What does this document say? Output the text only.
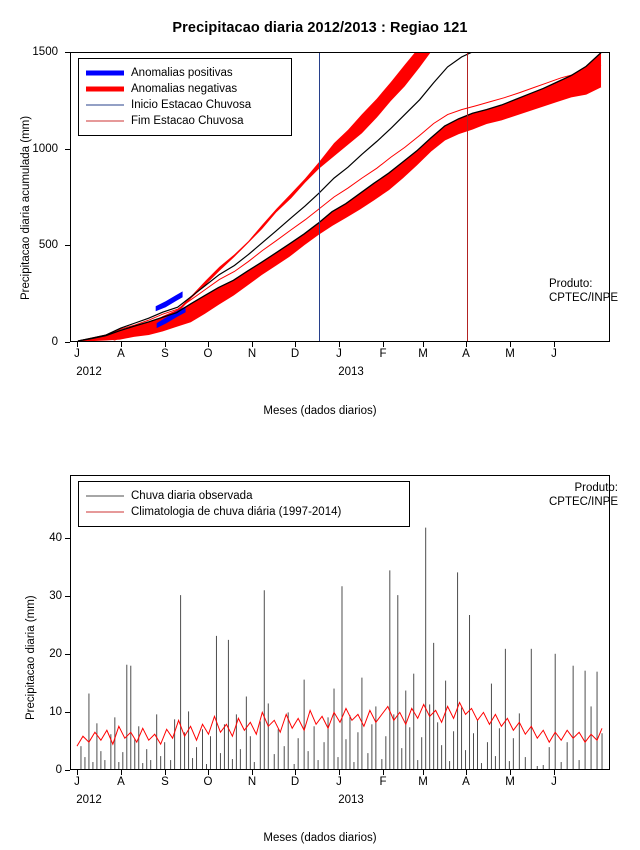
Precipitacao diaria 2012/2013 : Regiao 121
Precipitacao diaria acumulada (mm)
0
500
1000
1500
Anomalias positivas
Anomalias negativas
Inicio Estacao Chuvosa
Fim Estacao Chuvosa
Produto:
CPTEC/INPE
J	A	S	O	N	D	J	F	M	A	M	J
2012	2013
Meses (dados diarios)
Precipitacao diaria (mm)
0
10
20
30
40
Chuva diaria observada
Climatologia de chuva diária (1997-2014)
Produto:
CPTEC/INPE
J	A	S	O	N	D	J	F	M	A	M	J
2012	2013
Meses (dados diarios)
